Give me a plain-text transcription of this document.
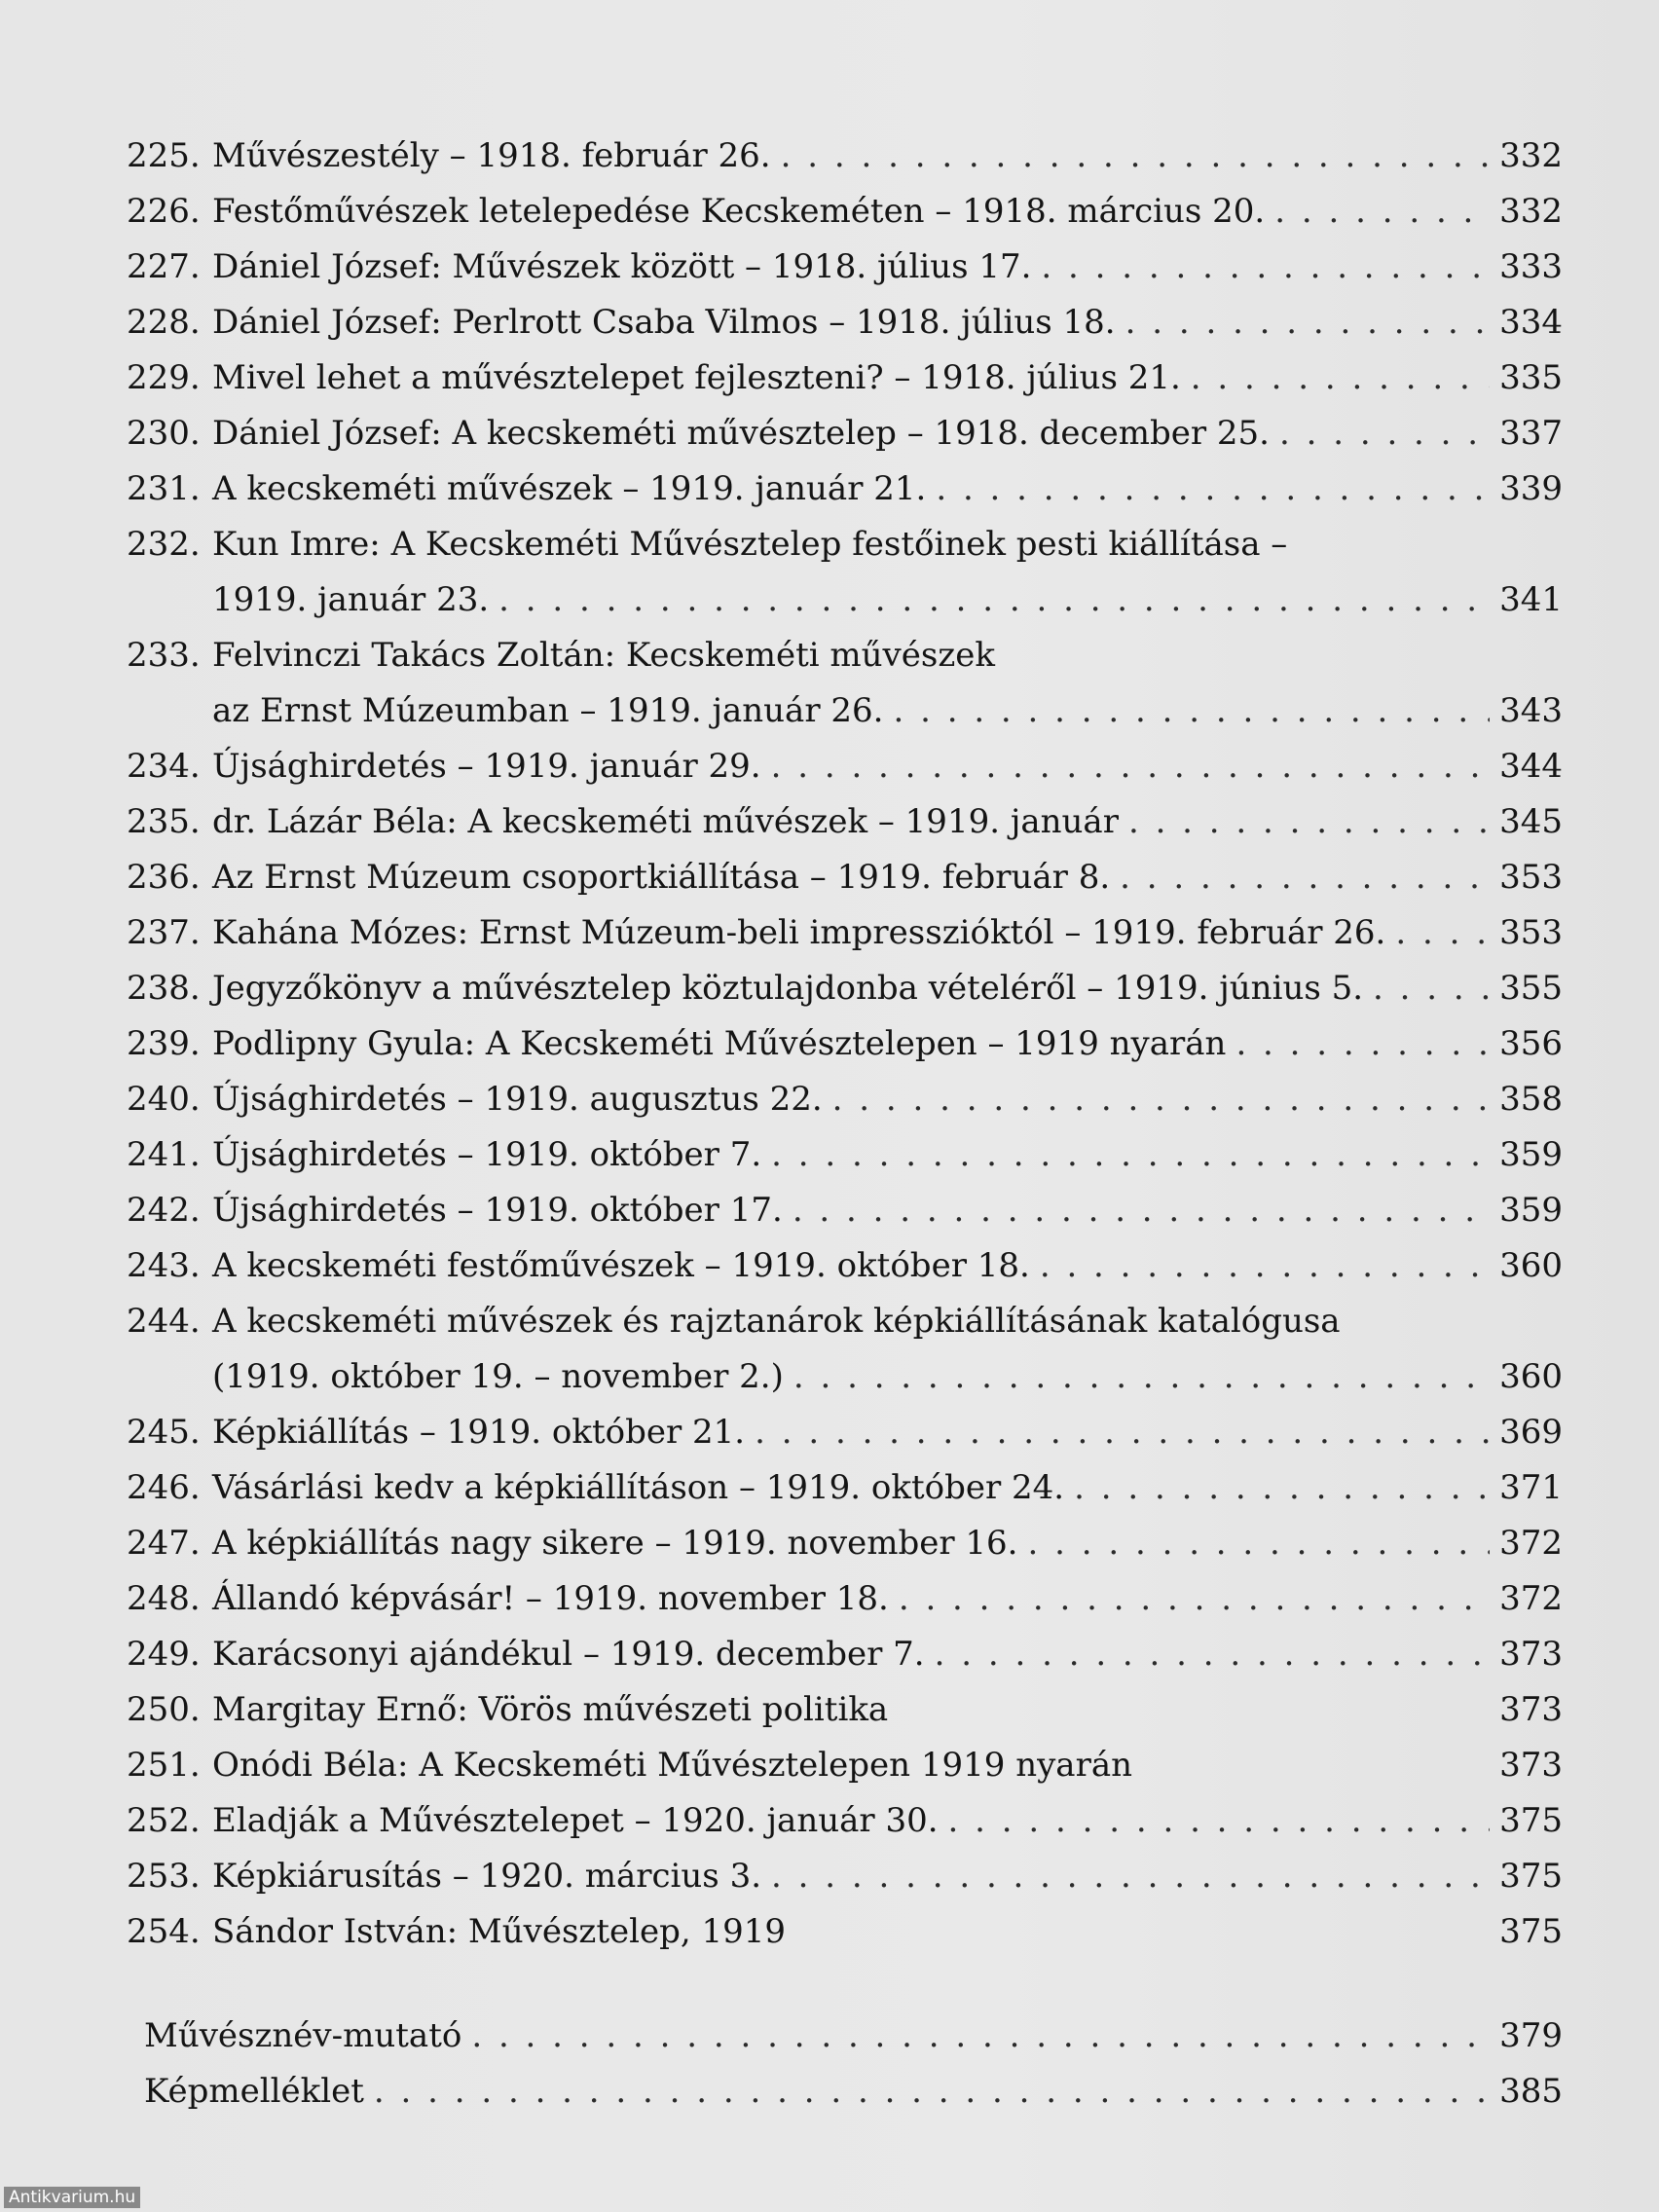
225. Művészestély – 1918. február 26. . . .	332
226. Festőművészek letelepedése Kecskeméten – 1918. március 20. . . .	332
227. Dániel József: Művészek között – 1918. július 17. . . .	333
228. Dániel József: Perlrott Csaba Vilmos – 1918. július 18. . . .	334
229. Mivel lehet a művésztelepet fejleszteni? – 1918. július 21. . . .	335
230. Dániel József: A kecskeméti művésztelep – 1918. december 25. . . .	337
231. A kecskeméti művészek – 1919. január 21. . . .	339
232. Kun Imre: A Kecskeméti Művésztelep festőinek pesti kiállítása –
1919. január 23. . . .	341
233. Felvinczi Takács Zoltán: Kecskeméti művészek
az Ernst Múzeumban – 1919. január 26. . . .	343
234. Újsághirdetés – 1919. január 29. . . .	344
235. dr. Lázár Béla: A kecskeméti művészek – 1919. január . . .	345
236. Az Ernst Múzeum csoportkiállítása – 1919. február 8. . . .	353
237. Kahána Mózes: Ernst Múzeum-beli impresszióktól – 1919. február 26. . . .	353
238. Jegyzőkönyv a művésztelep köztulajdonba vételéről – 1919. június 5. . . .	355
239. Podlipny Gyula: A Kecskeméti Művésztelepen – 1919 nyarán . . .	356
240. Újsághirdetés – 1919. augusztus 22. . . .	358
241. Újsághirdetés – 1919. október 7. . . .	359
242. Újsághirdetés – 1919. október 17. . . .	359
243. A kecskeméti festőművészek – 1919. október 18. . . .	360
244. A kecskeméti művészek és rajztanárok képkiállításának katalógusa
(1919. október 19. – november 2.) . . .	360
245. Képkiállítás – 1919. október 21. . . .	369
246. Vásárlási kedv a képkiállításon – 1919. október 24. . . .	371
247. A képkiállítás nagy sikere – 1919. november 16. . . .	372
248. Állandó képvásár! – 1919. november 18. . . .	372
249. Karácsonyi ajándékul – 1919. december 7. . . .	373
250. Margitay Ernő: Vörös művészeti politika	373
251. Onódi Béla: A Kecskeméti Művésztelepen 1919 nyarán	373
252. Eladják a Művésztelepet – 1920. január 30. . . .	375
253. Képkiárusítás – 1920. március 3. . . .	375
254. Sándor István: Művésztelep, 1919	375
Művésznév-mutató . . .	379
Képmelléklet . . .	385
Antikvarium.hu
